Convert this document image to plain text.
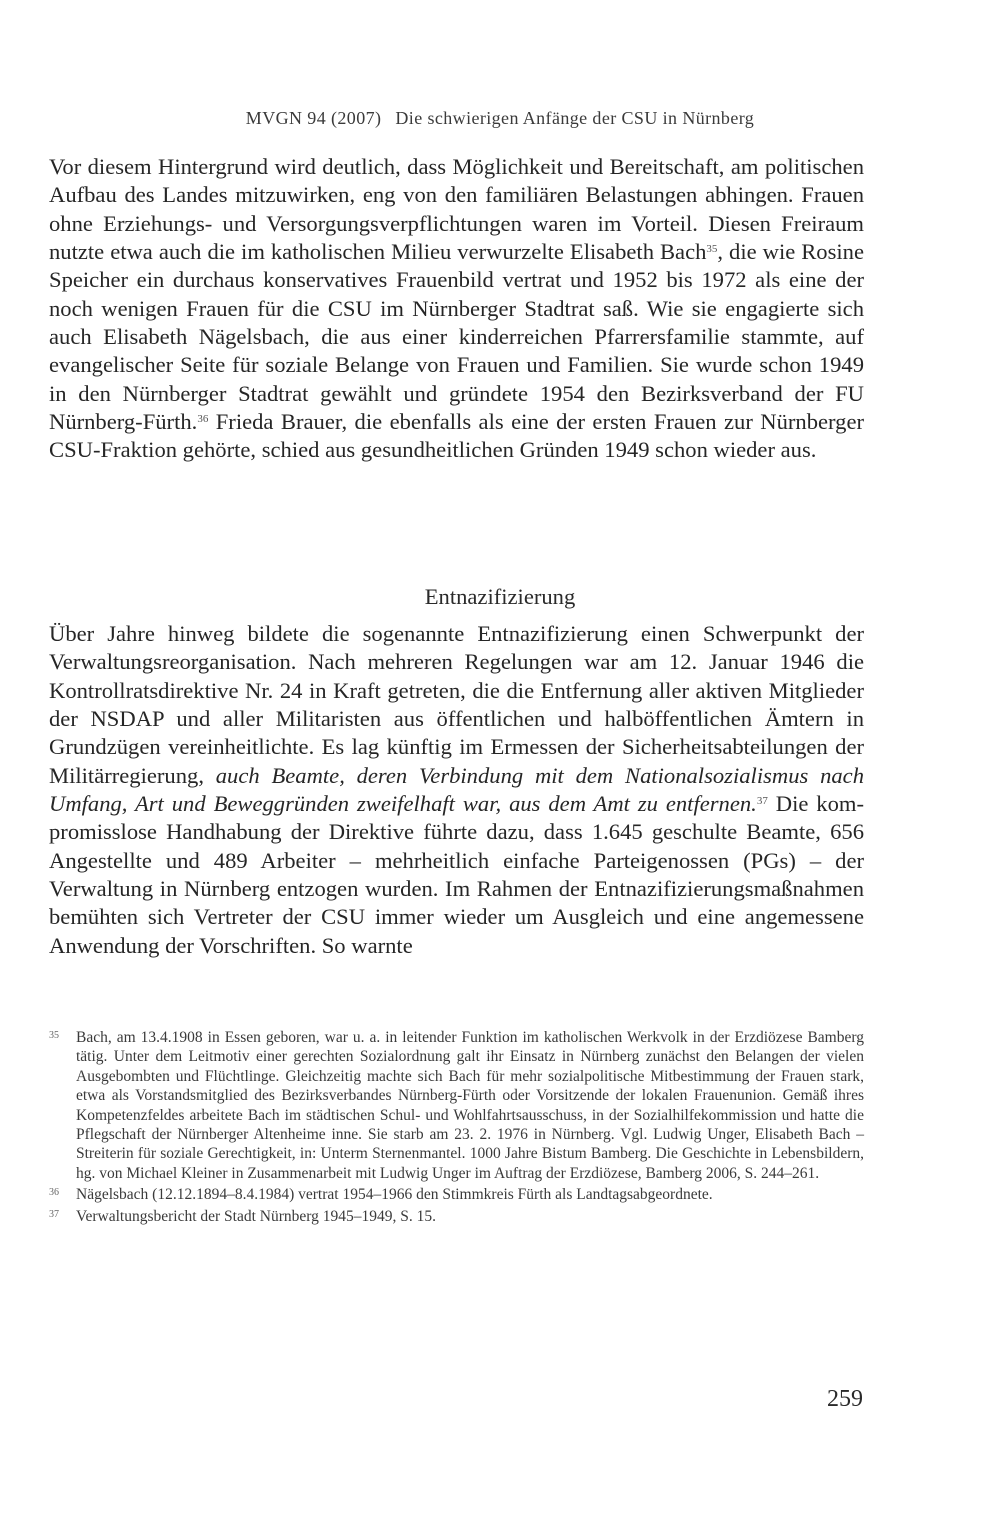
MVGN 94 (2007) Die schwierigen Anfänge der CSU in Nürnberg

Vor diesem Hintergrund wird deutlich, dass Möglichkeit und Bereitschaft, am politischen Aufbau des Landes mitzuwirken, eng von den familiären Belastungen abhingen. Frauen ohne Erziehungs- und Versorgungsverpflichtungen waren im Vorteil. Diesen Freiraum nutzte etwa auch die im katholischen Milieu verwurzelte Elisabeth Bach$^{35}$, die wie Rosine Speicher ein durchaus konservatives Frauenbild vertrat und 1952 bis 1972 als eine der noch wenigen Frauen für die CSU im Nürnberger Stadtrat saß. Wie sie engagierte sich auch Elisabeth Nägelsbach, die aus einer kinderreichen Pfarrersfamilie stammte, auf evangelischer Seite für soziale Belange von Frauen und Familien. Sie wurde schon 1949 in den Nürnberger Stadtrat gewählt und gründete 1954 den Bezirksverband der FU Nürnberg-Fürth.$^{36}$ Frieda Brauer, die ebenfalls als eine der ersten Frauen zur Nürnberger CSU-Fraktion gehörte, schied aus gesundheitlichen Gründen 1949 schon wieder aus.

Entnazifizierung

Über Jahre hinweg bildete die sogenannte Entnazifizierung einen Schwerpunkt der Verwaltungsreorganisation. Nach mehreren Regelungen war am 12. Januar 1946 die Kontrollratsdirektive Nr. 24 in Kraft getreten, die die Entfernung aller aktiven Mitglieder der NSDAP und aller Militaristen aus öffentlichen und halböffentlichen Ämtern in Grundzügen vereinheitlichte. Es lag künftig im Ermessen der Sicherheitsabteilungen der Militärregierung, auch Beamte, deren Verbindung mit dem Nationalsozialismus nach Umfang, Art und Beweggründen zweifelhaft war, aus dem Amt zu entfernen.$^{37}$ Die kompromisslose Handhabung der Direktive führte dazu, dass 1.645 geschulte Beamte, 656 Angestellte und 489 Arbeiter – mehrheitlich einfache Parteigenossen (PGs) – der Verwaltung in Nürnberg entzogen wurden. Im Rahmen der Entnazifizierungsmaßnahmen bemühten sich Vertreter der CSU immer wieder um Ausgleich und eine angemessene Anwendung der Vorschriften. So warnte

35 Bach, am 13.4.1908 in Essen geboren, war u. a. in leitender Funktion im katholischen Werkvolk in der Erzdiözese Bamberg tätig. Unter dem Leitmotiv einer gerechten Sozialordnung galt ihr Einsatz in Nürnberg zunächst den Belangen der vielen Ausgebombten und Flüchtlinge. Gleichzeitig machte sich Bach für mehr sozialpolitische Mitbestimmung der Frauen stark, etwa als Vorstandsmitglied des Bezirksverbandes Nürnberg-Fürth oder Vorsitzende der lokalen Frauenunion. Gemäß ihres Kompetenzfeldes arbeitete Bach im städtischen Schul- und Wohlfahrtsausschuss, in der Sozialhilfekommission und hatte die Pflegschaft der Nürnberger Altenheime inne. Sie starb am 23. 2. 1976 in Nürnberg. Vgl. Ludwig Unger, Elisabeth Bach – Streiterin für soziale Gerechtigkeit, in: Unterm Sternenmantel. 1000 Jahre Bistum Bamberg. Die Geschichte in Lebensbildern, hg. von Michael Kleiner in Zusammenarbeit mit Ludwig Unger im Auftrag der Erzdiözese, Bamberg 2006, S. 244–261.
36 Nägelsbach (12.12.1894–8.4.1984) vertrat 1954–1966 den Stimmkreis Fürth als Landtagsabgeordnete.
37 Verwaltungsbericht der Stadt Nürnberg 1945–1949, S. 15.
259
